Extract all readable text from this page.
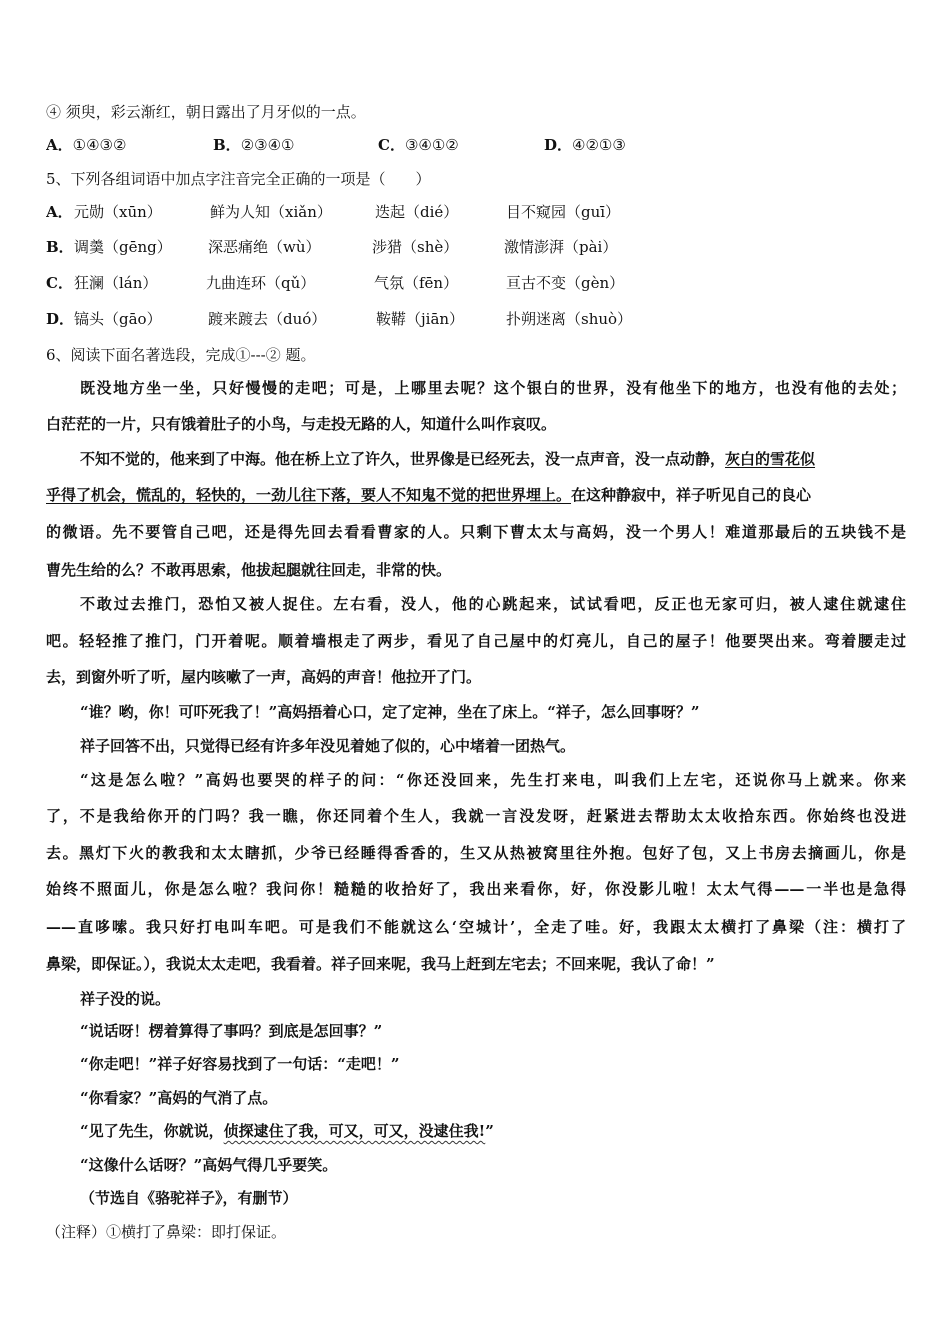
④ 须臾，彩云渐红，朝日露出了月牙似的一点。
A．①④③②	B．②③④①	C．③④①②	D．④②①③
5、下列各组词语中加点字注音完全正确的一项是（　　）
A． 元勋（xūn）	鲜为人知（xiǎn）	迭起（dié）	目不窥园（guī）
B． 调羹（gēng） 深恶痛绝（wù）	涉猎（shè）	激情澎湃（pài）
C． 狂澜（lán）	九曲连环（qǔ）	气氛（fēn）	亘古不变（gèn）
D． 镐头（gāo）	踱来踱去（duó）	鞍鞯（jiān）	扑朔迷离（shuò）
6、阅读下面名著选段，完成①---② 题。
既没地方坐一坐，只好慢慢的走吧；可是，上哪里去呢？这个银白的世界，没有他坐下的地方，也没有他的去处；
白茫茫的一片，只有饿着肚子的小鸟，与走投无路的人，知道什么叫作哀叹。
不知不觉的，他来到了中海。他在桥上立了许久，世界像是已经死去，没一点声音，没一点动静，灰白的雪花似
乎得了机会，慌乱的，轻快的，一劲儿往下落，要人不知鬼不觉的把世界埋上。在这种静寂中，祥子听见自己的良心
的微语。先不要管自己吧，还是得先回去看看曹家的人。只剩下曹太太与高妈，没一个男人！难道那最后的五块钱不是
曹先生给的么？不敢再思索，他拔起腿就往回走，非常的快。
不敢过去推门，恐怕又被人捉住。左右看，没人，他的心跳起来，试试看吧，反正也无家可归，被人逮住就逮住
吧。轻轻推了推门，门开着呢。顺着墙根走了两步，看见了自己屋中的灯亮儿，自己的屋子！他要哭出来。弯着腰走过
去，到窗外听了听，屋内咳嗽了一声，高妈的声音！他拉开了门。
“谁？哟，你！可吓死我了！”高妈捂着心口，定了定神，坐在了床上。“祥子，怎么回事呀？”
祥子回答不出，只觉得已经有许多年没见着她了似的，心中堵着一团热气。
“这是怎么啦？”高妈也要哭的样子的问：“你还没回来，先生打来电，叫我们上左宅，还说你马上就来。你来
了，不是我给你开的门吗？我一瞧，你还同着个生人，我就一言没发呀，赶紧进去帮助太太收拾东西。你始终也没进
去。黑灯下火的教我和太太瞎抓，少爷已经睡得香香的，生又从热被窝里往外抱。包好了包，又上书房去摘画儿，你是
始终不照面儿，你是怎么啦？我问你！糙糙的收拾好了，我出来看你，好，你没影儿啦！太太气得——一半也是急得
——直哆嗦。我只好打电叫车吧。可是我们不能就这么‘空城计’，全走了哇。好，我跟太太横打了鼻梁（注：横打了
鼻梁，即保证。），我说太太走吧，我看着。祥子回来呢，我马上赶到左宅去；不回来呢，我认了命！”
祥子没的说。
“说话呀！楞着算得了事吗？到底是怎回事？”
“你走吧！”祥子好容易找到了一句话：“走吧！”
“你看家？”高妈的气消了点。
“见了先生，你就说，侦探逮住了我，可又，可又，没逮住我!”
“这像什么话呀？”高妈气得几乎要笑。
（节选自《骆驼祥子》，有删节）
（注释）①横打了鼻梁：即打保证。
